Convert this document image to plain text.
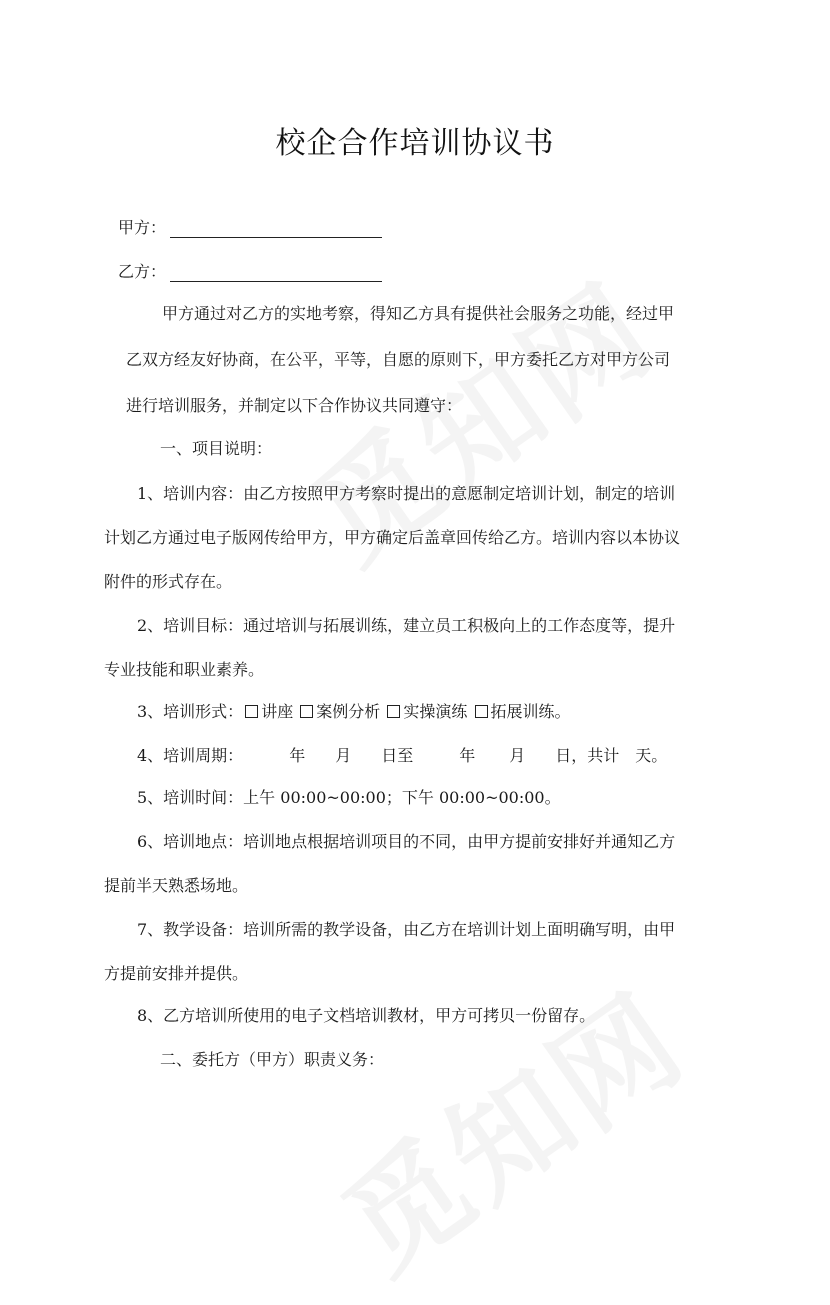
校企合作培训协议书
甲方：
乙方：
甲方通过对乙方的实地考察，得知乙方具有提供社会服务之功能，经过甲
乙双方经友好协商，在公平，平等，自愿的原则下，甲方委托乙方对甲方公司
进行培训服务，并制定以下合作协议共同遵守：
一、项目说明：
1、培训内容：由乙方按照甲方考察时提出的意愿制定培训计划，制定的培训
计划乙方通过电子版网传给甲方，甲方确定后盖章回传给乙方。培训内容以本协议
附件的形式存在。
2、培训目标：通过培训与拓展训练，建立员工积极向上的工作态度等，提升
专业技能和职业素养。
3、培训形式： 讲座 案例分析 实操演练 拓展训练。
4、培训周期：	年 月 日至	年 月 日，共计 天。
5、培训时间：上午 00:00~00:00；下午 00:00~00:00。
6、培训地点：培训地点根据培训项目的不同，由甲方提前安排好并通知乙方
提前半天熟悉场地。
7、教学设备：培训所需的教学设备，由乙方在培训计划上面明确写明，由甲
方提前安排并提供。
8、乙方培训所使用的电子文档培训教材，甲方可拷贝一份留存。
二、委托方（甲方）职责义务：
